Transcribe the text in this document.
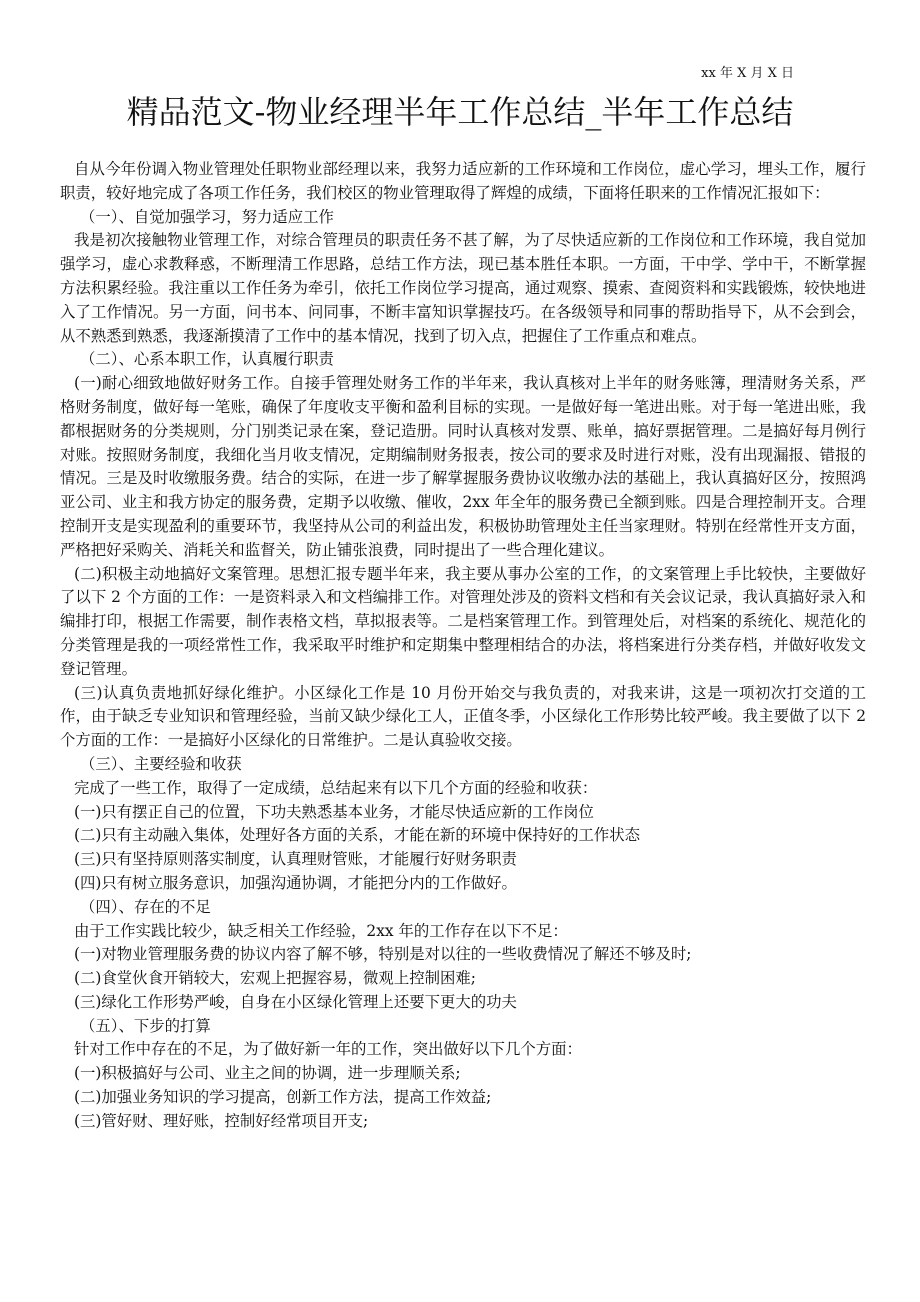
xx 年 X 月 X 日
精品范文-物业经理半年工作总结_半年工作总结

自从今年份调入物业管理处任职物业部经理以来，我努力适应新的工作环境和工作岗位，虚心学习，埋头工作，履行职责，较好地完成了各项工作任务，我们校区的物业管理取得了辉煌的成绩，下面将任职来的工作情况汇报如下：

（一）、自觉加强学习，努力适应工作

我是初次接触物业管理工作，对综合管理员的职责任务不甚了解，为了尽快适应新的工作岗位和工作环境，我自觉加强学习，虚心求教释惑，不断理清工作思路，总结工作方法，现已基本胜任本职。一方面，干中学、学中干，不断掌握方法积累经验。我注重以工作任务为牵引，依托工作岗位学习提高，通过观察、摸索、查阅资料和实践锻炼，较快地进入了工作情况。另一方面，问书本、问同事，不断丰富知识掌握技巧。在各级领导和同事的帮助指导下，从不会到会，从不熟悉到熟悉，我逐渐摸清了工作中的基本情况，找到了切入点，把握住了工作重点和难点。

（二）、心系本职工作，认真履行职责

(一)耐心细致地做好财务工作。自接手管理处财务工作的半年来，我认真核对上半年的财务账簿，理清财务关系，严格财务制度，做好每一笔账，确保了年度收支平衡和盈利目标的实现。一是做好每一笔进出账。对于每一笔进出账，我都根据财务的分类规则，分门别类记录在案，登记造册。同时认真核对发票、账单，搞好票据管理。二是搞好每月例行对账。按照财务制度，我细化当月收支情况，定期编制财务报表，按公司的要求及时进行对账，没有出现漏报、错报的情况。三是及时收缴服务费。结合的实际，在进一步了解掌握服务费协议收缴办法的基础上，我认真搞好区分，按照鸿亚公司、业主和我方协定的服务费，定期予以收缴、催收，2xx 年全年的服务费已全额到账。四是合理控制开支。合理控制开支是实现盈利的重要环节，我坚持从公司的利益出发，积极协助管理处主任当家理财。特别在经常性开支方面，严格把好采购关、消耗关和监督关，防止铺张浪费，同时提出了一些合理化建议。

(二)积极主动地搞好文案管理。思想汇报专题半年来，我主要从事办公室的工作，的文案管理上手比较快，主要做好了以下 2 个方面的工作：一是资料录入和文档编排工作。对管理处涉及的资料文档和有关会议记录，我认真搞好录入和编排打印，根据工作需要，制作表格文档，草拟报表等。二是档案管理工作。到管理处后，对档案的系统化、规范化的分类管理是我的一项经常性工作，我采取平时维护和定期集中整理相结合的办法，将档案进行分类存档，并做好收发文登记管理。

(三)认真负责地抓好绿化维护。小区绿化工作是 10 月份开始交与我负责的，对我来讲，这是一项初次打交道的工作，由于缺乏专业知识和管理经验，当前又缺少绿化工人，正值冬季，小区绿化工作形势比较严峻。我主要做了以下 2 个方面的工作：一是搞好小区绿化的日常维护。二是认真验收交接。

（三）、主要经验和收获

完成了一些工作，取得了一定成绩，总结起来有以下几个方面的经验和收获：

(一)只有摆正自己的位置，下功夫熟悉基本业务，才能尽快适应新的工作岗位

(二)只有主动融入集体，处理好各方面的关系，才能在新的环境中保持好的工作状态

(三)只有坚持原则落实制度，认真理财管账，才能履行好财务职责

(四)只有树立服务意识，加强沟通协调，才能把分内的工作做好。

（四）、存在的不足

由于工作实践比较少，缺乏相关工作经验，2xx 年的工作存在以下不足：

(一)对物业管理服务费的协议内容了解不够，特别是对以往的一些收费情况了解还不够及时;

(二)食堂伙食开销较大，宏观上把握容易，微观上控制困难;

(三)绿化工作形势严峻，自身在小区绿化管理上还要下更大的功夫

（五）、下步的打算

针对工作中存在的不足，为了做好新一年的工作，突出做好以下几个方面：

(一)积极搞好与公司、业主之间的协调，进一步理顺关系;

(二)加强业务知识的学习提高，创新工作方法，提高工作效益;

(三)管好财、理好账，控制好经常项目开支;
